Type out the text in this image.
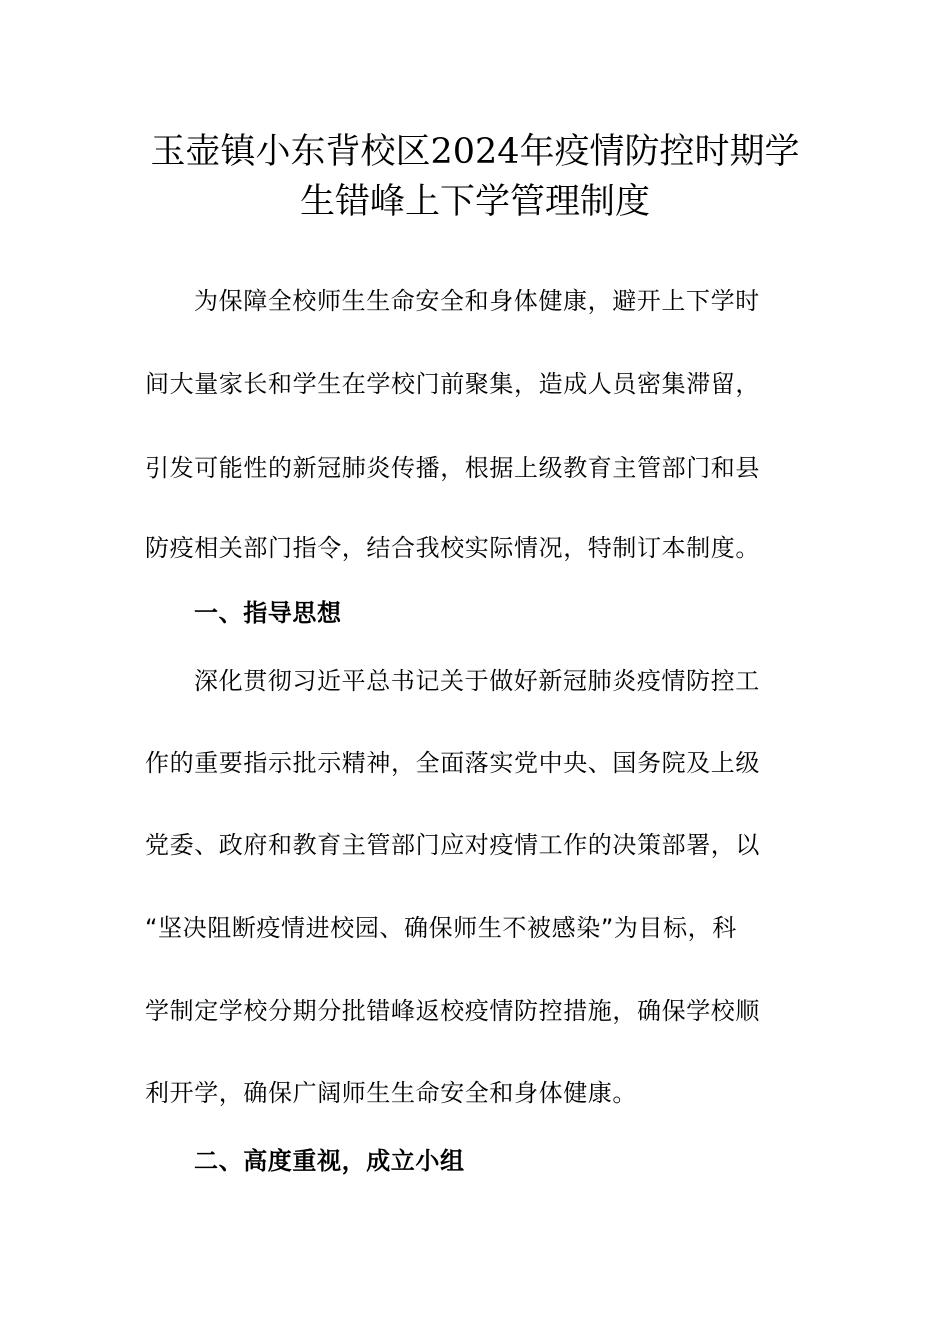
玉壶镇小东背校区2024年疫情防控时期学
生错峰上下学管理制度
为保障全校师生生命安全和身体健康，避开上下学时
间大量家长和学生在学校门前聚集，造成人员密集滞留，
引发可能性的新冠肺炎传播，根据上级教育主管部门和县
防疫相关部门指令，结合我校实际情况，特制订本制度。
一、指导思想
深化贯彻习近平总书记关于做好新冠肺炎疫情防控工
作的重要指示批示精神，全面落实党中央、国务院及上级
党委、政府和教育主管部门应对疫情工作的决策部署，以
“坚决阻断疫情进校园、确保师生不被感染”为目标，科
学制定学校分期分批错峰返校疫情防控措施，确保学校顺
利开学，确保广阔师生生命安全和身体健康。
二、高度重视，成立小组
